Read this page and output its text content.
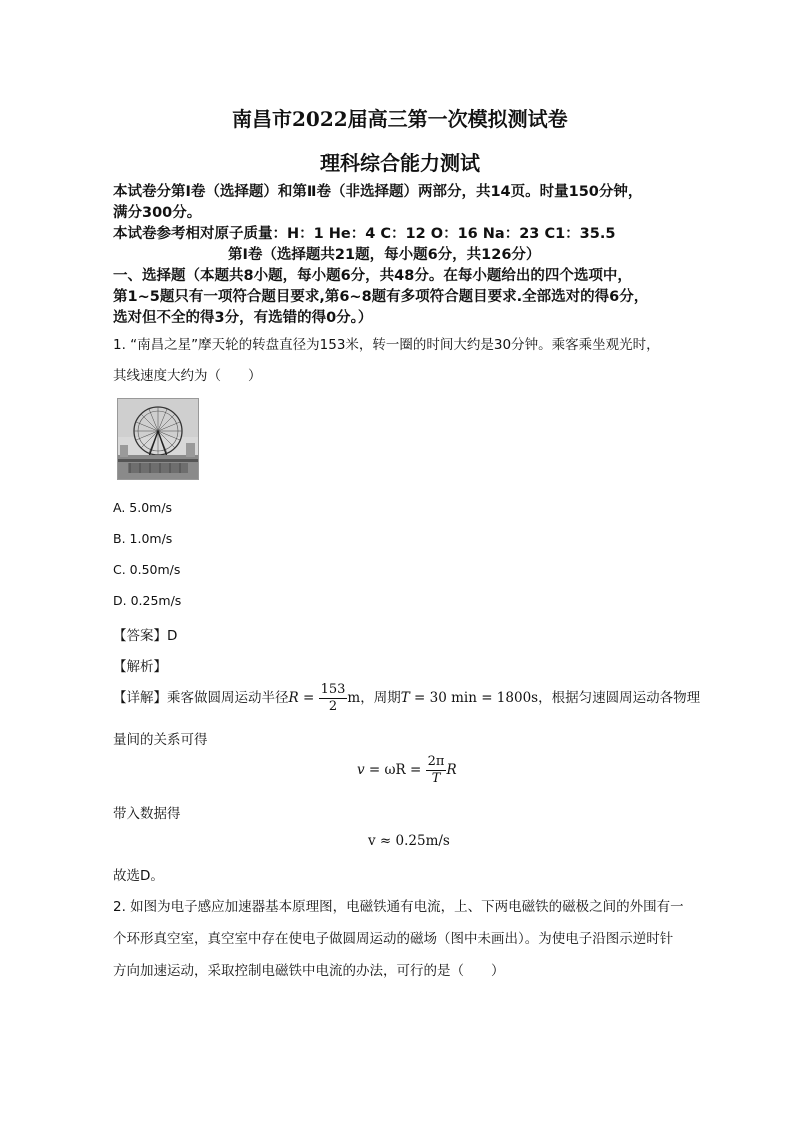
南昌市2022届高三第一次模拟测试卷
理科综合能力测试
本试卷分第Ⅰ卷（选择题）和第Ⅱ卷（非选择题）两部分，共14页。时量150分钟，
满分300分。
本试卷参考相对原子质量：H：1 He：4 C：12 O：16 Na：23 C1：35.5
第Ⅰ卷（选择题共21题，每小题6分，共126分）
一、选择题（本题共8小题，每小题6分，共48分。在每小题给出的四个选项中，
第1~5题只有一项符合题目要求,第6~8题有多项符合题目要求.全部选对的得6分，
选对但不全的得3分，有选错的得0分。）
1. “南昌之星”摩天轮的转盘直径为153米，转一圈的时间大约是30分钟。乘客乘坐观光时，
其线速度大约为（　　）
A. 5.0m/s
B. 1.0m/s
C. 0.50m/s
D. 0.25m/s
【答案】D
【解析】
【详解】乘客做圆周运动半径$R = \frac{153}{2}$ m，周期T = 30 min = 1800s，根据匀速圆周运动各物理
量间的关系可得
$v = \omega R = \frac{2\pi}{T}$ R
带入数据得
v ≈ 0.25m/s
故选D。
2. 如图为电子感应加速器基本原理图，电磁铁通有电流，上、下两电磁铁的磁极之间的外围有一
个环形真空室，真空室中存在使电子做圆周运动的磁场（图中未画出）。为使电子沿图示逆时针
方向加速运动，采取控制电磁铁中电流的办法，可行的是（　　）
